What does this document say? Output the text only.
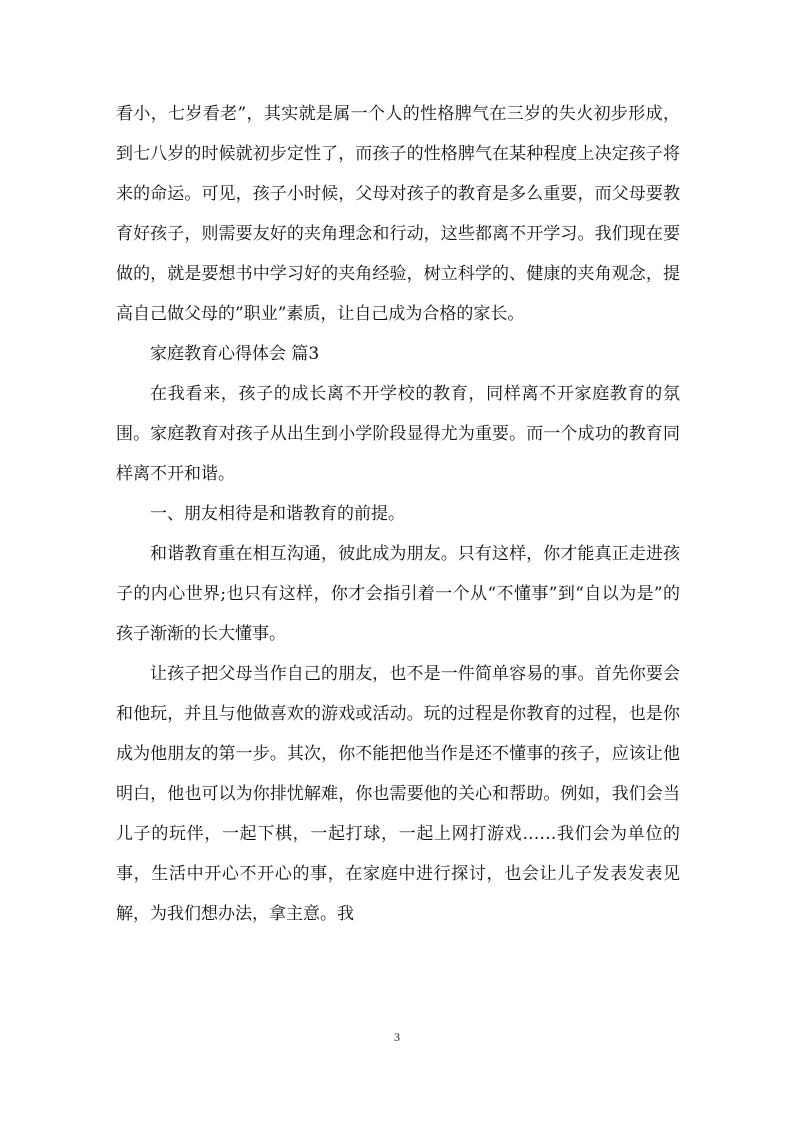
看小，七岁看老”，其实就是属一个人的性格脾气在三岁的失火初步形成，到七八岁的时候就初步定性了，而孩子的性格脾气在某种程度上决定孩子将来的命运。可见，孩子小时候，父母对孩子的教育是多么重要，而父母要教育好孩子，则需要友好的夹角理念和行动，这些都离不开学习。我们现在要做的，就是要想书中学习好的夹角经验，树立科学的、健康的夹角观念，提高自己做父母的”职业”素质，让自己成为合格的家长。

家庭教育心得体会 篇3

在我看来，孩子的成长离不开学校的教育，同样离不开家庭教育的氛围。家庭教育对孩子从出生到小学阶段显得尤为重要。而一个成功的教育同样离不开和谐。

一、朋友相待是和谐教育的前提。

和谐教育重在相互沟通，彼此成为朋友。只有这样，你才能真正走进孩子的内心世界;也只有这样，你才会指引着一个从“不懂事”到“自以为是”的孩子渐渐的长大懂事。

让孩子把父母当作自己的朋友，也不是一件简单容易的事。首先你要会和他玩，并且与他做喜欢的游戏或活动。玩的过程是你教育的过程，也是你成为他朋友的第一步。其次，你不能把他当作是还不懂事的孩子，应该让他明白，他也可以为你排忧解难，你也需要他的关心和帮助。例如，我们会当儿子的玩伴，一起下棋，一起打球，一起上网打游戏……我们会为单位的事，生活中开心不开心的事，在家庭中进行探讨，也会让儿子发表发表见解，为我们想办法，拿主意。我

3
